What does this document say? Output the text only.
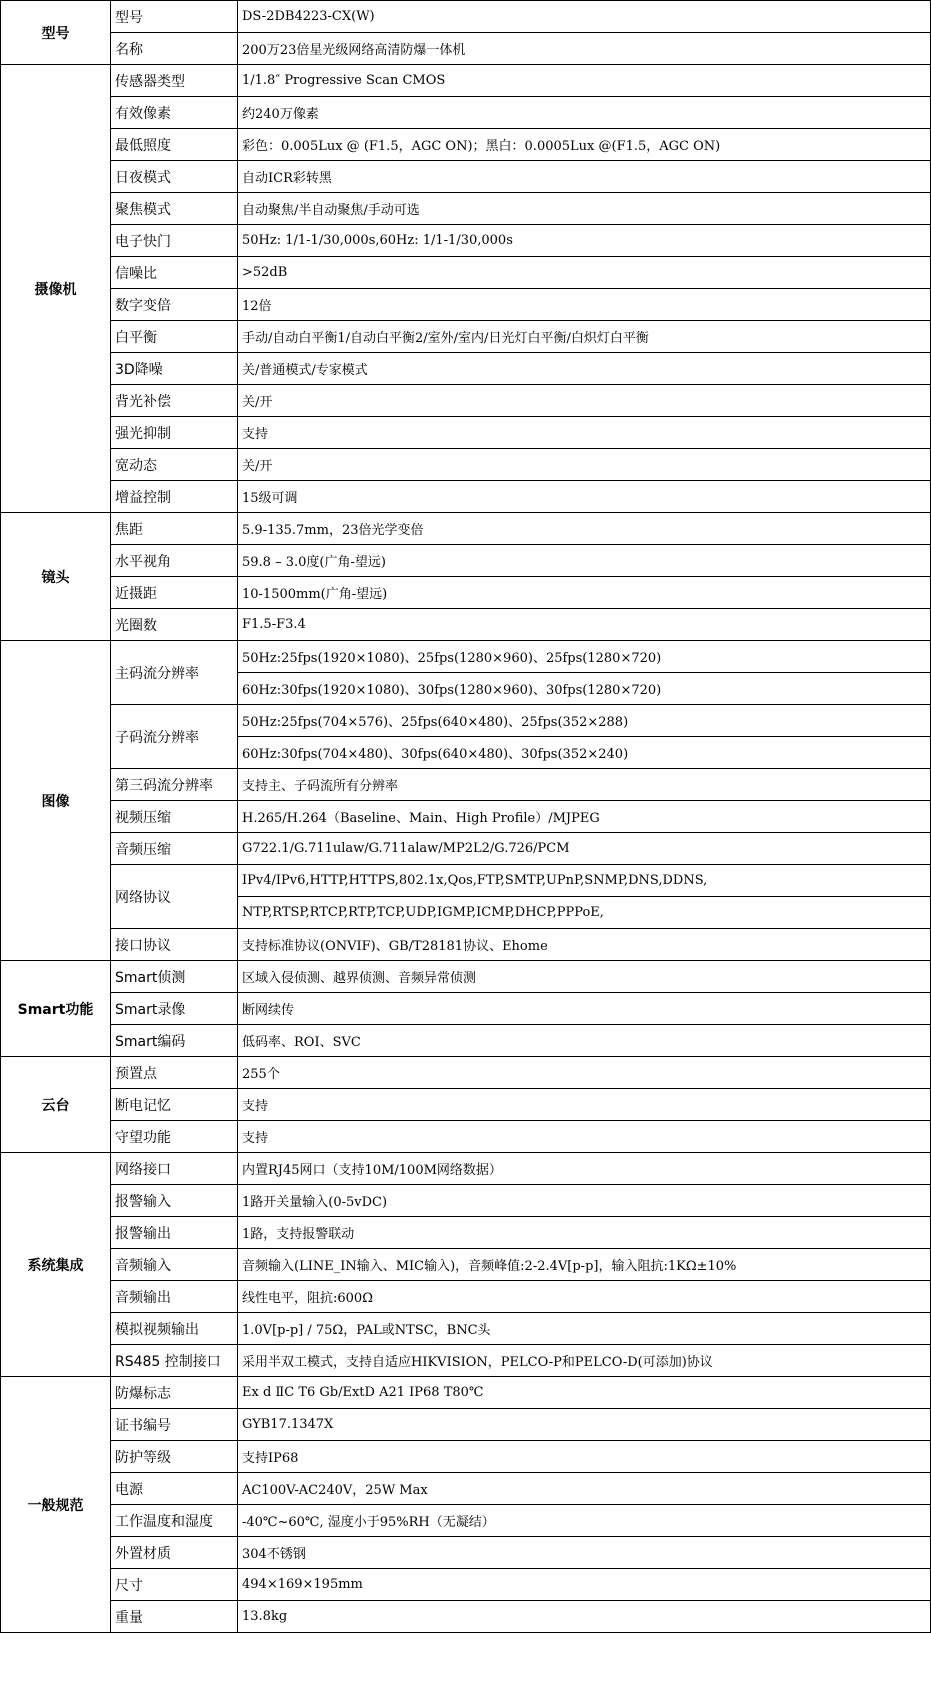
型号	型号	DS-2DB4223-CX(W)
	名称	200万23倍星光级网络高清防爆一体机
摄像机	传感器类型	1/1.8″ Progressive Scan CMOS
	有效像素	约240万像素
	最低照度	彩色：0.005Lux @ (F1.5，AGC ON)；黑白：0.0005Lux @(F1.5，AGC ON)
	日夜模式	自动ICR彩转黑
	聚焦模式	自动聚焦/半自动聚焦/手动可选
	电子快门	50Hz: 1/1-1/30,000s,60Hz: 1/1-1/30,000s
	信噪比	>52dB
	数字变倍	12倍
	白平衡	手动/自动白平衡1/自动白平衡2/室外/室内/日光灯白平衡/白炽灯白平衡
	3D降噪	关/普通模式/专家模式
	背光补偿	关/开
	强光抑制	支持
	宽动态	关/开
	增益控制	15级可调
镜头	焦距	5.9-135.7mm，23倍光学变倍
	水平视角	59.8 – 3.0度(广角-望远)
	近摄距	10-1500mm(广角-望远)
	光圈数	F1.5-F3.4
图像	主码流分辨率	50Hz:25fps(1920×1080)、25fps(1280×960)、25fps(1280×720)
		60Hz:30fps(1920×1080)、30fps(1280×960)、30fps(1280×720)
	子码流分辨率	50Hz:25fps(704×576)、25fps(640×480)、25fps(352×288)
		60Hz:30fps(704×480)、30fps(640×480)、30fps(352×240)
	第三码流分辨率	支持主、子码流所有分辨率
	视频压缩	H.265/H.264（Baseline、Main、High Profile）/MJPEG
	音频压缩	G722.1/G.711ulaw/G.711alaw/MP2L2/G.726/PCM
	网络协议	IPv4/IPv6,HTTP,HTTPS,802.1x,Qos,FTP,SMTP,UPnP,SNMP,DNS,DDNS,
		NTP,RTSP,RTCP,RTP,TCP,UDP,IGMP,ICMP,DHCP,PPPoE,
	接口协议	支持标准协议(ONVIF)、GB/T28181协议、Ehome
Smart功能	Smart侦测	区域入侵侦测、越界侦测、音频异常侦测
	Smart录像	断网续传
	Smart编码	低码率、ROI、SVC
云台	预置点	255个
	断电记忆	支持
	守望功能	支持
系统集成	网络接口	内置RJ45网口（支持10M/100M网络数据）
	报警输入	1路开关量输入(0-5vDC)
	报警输出	1路，支持报警联动
	音频输入	音频输入(LINE_IN输入、MIC输入)，音频峰值:2-2.4V[p-p]，输入阻抗:1KΩ±10%
	音频输出	线性电平，阻抗:600Ω
	模拟视频输出	1.0V[p-p] / 75Ω，PAL或NTSC，BNC头
	RS485 控制接口	采用半双工模式，支持自适应HIKVISION，PELCO-P和PELCO-D(可添加)协议
一般规范	防爆标志	Ex d ⅡC T6 Gb/ExtD A21 IP68 T80℃
	证书编号	GYB17.1347X
	防护等级	支持IP68
	电源	AC100V-AC240V，25W Max
	工作温度和湿度	-40℃~60℃, 湿度小于95%RH（无凝结）
	外置材质	304不锈钢
	尺寸	494×169×195mm
	重量	13.8kg
